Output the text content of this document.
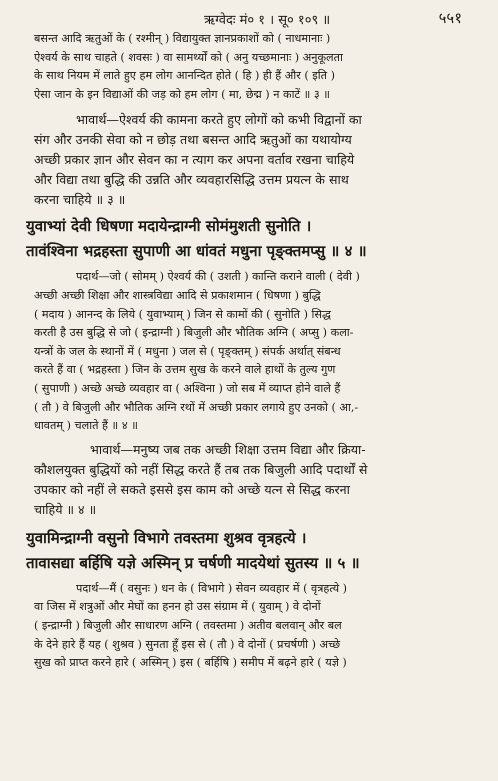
ऋग्वेदः मं० १ । सू० १०९ ॥	५५१
बसन्त आदि ऋतुओं के ( रश्मीन् ) विद्यायुक्त ज्ञानप्रकाशों को ( नाधमानाः )
ऐश्वर्य के साथ चाहते ( शवसः ) वा सामर्थ्यों को ( अनु यच्छमानाः ) अनुकूलता
के साथ नियम में लाते हुए हम लोग आनन्दित होते ( हि ) ही हैं और ( इति )
ऐसा जान के इन विद्याओं की जड़ को हम लोग ( मा, छेद्म ) न काटें ॥ ३ ॥
भावार्थ—ऐश्वर्य की कामना करते हुए लोगों को कभी विद्वानों का
संग और उनकी सेवा को न छोड़ तथा बसन्त आदि ऋतुओं का यथायोग्य
अच्छी प्रकार ज्ञान और सेवन का न त्याग कर अपना वर्ताव रखना चाहिये
और विद्या तथा बुद्धि की उन्नति और व्यवहारसिद्धि उत्तम प्रयत्न के साथ
करना चाहिये ॥ ३ ॥
युवाभ्यां देवी धिषणा मदायेन्द्राग्नी सोमंमुशती सुनोति ।
तावंश्विना भद्रहस्ता सुपाणी आ धांवतं मधुना पृङ्क्तमप्सु ॥ ४ ॥
पदार्थ—जो ( सोमम् ) ऐश्वर्य की ( उशती ) कान्ति कराने वाली ( देवी )
अच्छी अच्छी शिक्षा और शास्त्रविद्या आदि से प्रकाशमान ( धिषणा ) बुद्धि
( मदाय ) आनन्द के लिये ( युवाभ्याम् ) जिन से कामों की ( सुनोति ) सिद्ध
करती है उस बुद्धि से जो ( इन्द्राग्नी ) बिजुली और भौतिक अग्नि ( अप्सु ) कला-
यन्त्रों के जल के स्थानों में ( मधुना ) जल से ( पृङ्क्तम् ) संपर्क अर्थात् संबन्ध
करते हैं वा ( भद्रहस्ता ) जिन के उत्तम सुख के करने वाले हाथों के तुल्य गुण
( सुपाणी ) अच्छे अच्छे व्यवहार वा ( अश्विना ) जो सब में व्याप्त होने वाले हैं
( तौ ) वे बिजुली और भौतिक अग्नि रथों में अच्छी प्रकार लगाये हुए उनको ( आ,-
धावतम् ) चलाते हैं ॥ ४ ॥
भावार्थ—मनुष्य जब तक अच्छी शिक्षा उत्तम विद्या और क्रिया-
कौशलयुक्त बुद्धियों को नहीं सिद्ध करते हैं तब तक बिजुली आदि पदार्थों से
उपकार को नहीं ले सकते इससे इस काम को अच्छे यत्न से सिद्ध करना
चाहिये ॥ ४ ॥
युवामिन्द्राग्नी वसुनो विभागे तवस्तमा शुश्रव वृत्रहत्ये ।
तावासद्या बर्हिषि यज्ञे अस्मिन् प्र चर्षणी मादयेथां सुतस्य ॥ ५ ॥
पदार्थ—मैं ( वसुनः ) धन के ( विभागे ) सेवन व्यवहार में ( वृत्रहत्ये )
वा जिस में शत्रुओं और मेघों का हनन हो उस संग्राम में ( युवाम् ) वे दोनों
( इन्द्राग्नी ) बिजुली और साधारण अग्नि ( तवस्तमा ) अतीव बलवान् और बल
के देने हारे हैं यह ( शुश्रव ) सुनता हूँ इस से ( तौ ) वे दोनों ( प्रचर्षणी ) अच्छे
सुख को प्राप्त करने हारे ( अस्मिन् ) इस ( बर्हिषि ) समीप में बढ़ने हारे ( यज्ञे )
